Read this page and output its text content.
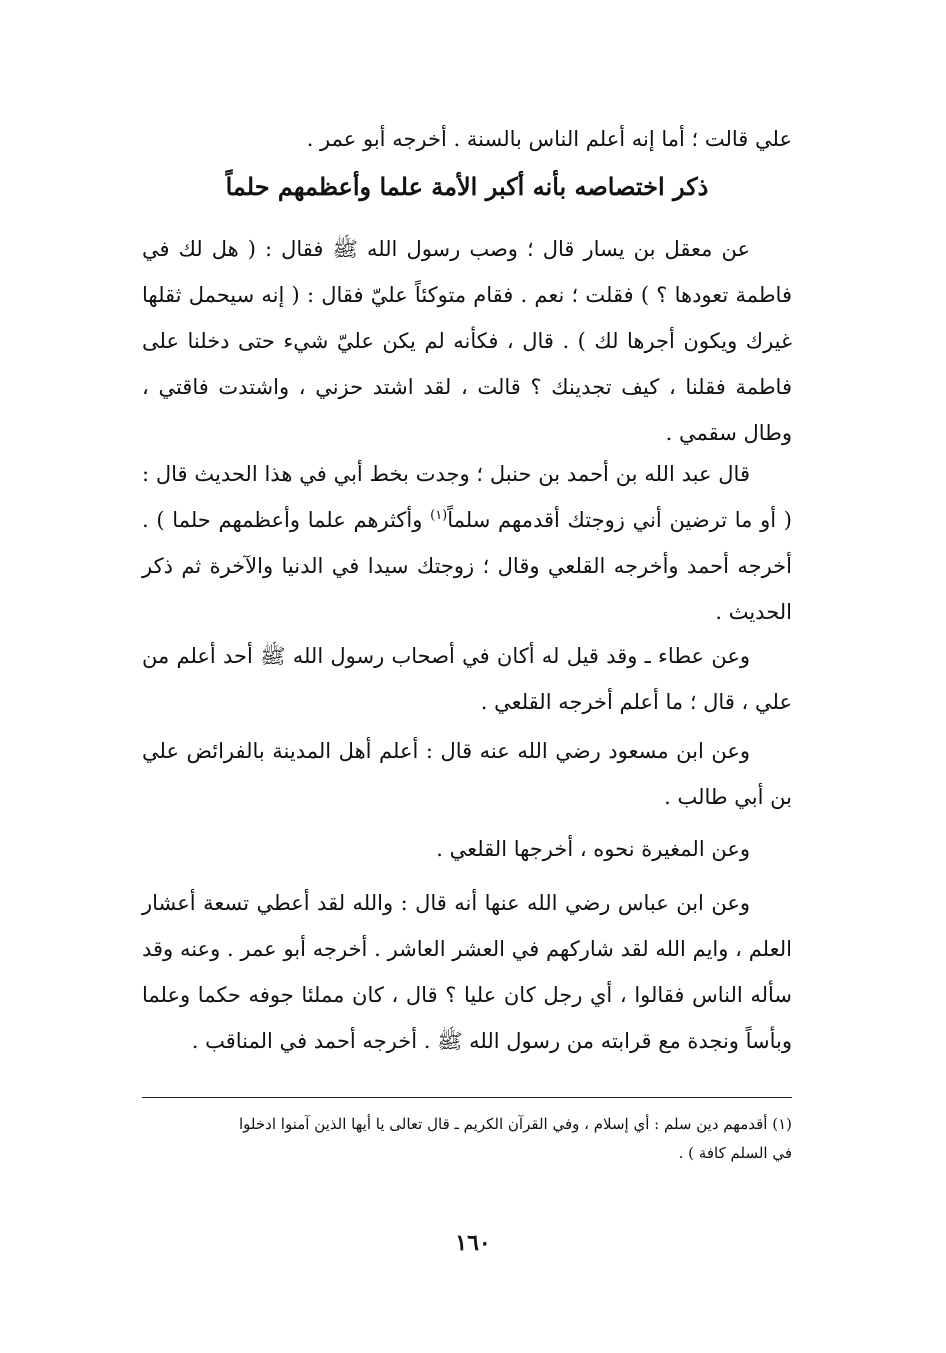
علي قالت ؛ أما إنه أعلم الناس بالسنة . أخرجه أبو عمر .
ذكر اختصاصه بأنه أكبر الأمة علما وأعظمهم حلماً

عن معقل بن يسار قال ؛ وصب رسول الله ﷺ فقال : ( هل لك في فاطمة تعودها ؟ ) فقلت ؛ نعم . فقام متوكئاً عليّ فقال : ( إنه سيحمل ثقلها غيرك ويكون أجرها لك ) . قال ، فكأنه لم يكن عليّ شيء حتى دخلنا على فاطمة فقلنا ، كيف تجدينك ؟ قالت ، لقد اشتد حزني ، واشتدت فاقتي ، وطال سقمي .

قال عبد الله بن أحمد بن حنبل ؛ وجدت بخط أبي في هذا الحديث قال : ( أو ما ترضين أني زوجتك أقدمهم سلماً$^{(١)}$ وأكثرهم علما وأعظمهم حلما ) . أخرجه أحمد وأخرجه القلعي وقال ؛ زوجتك سيدا في الدنيا والآخرة ثم ذكر الحديث .

وعن عطاء ـ وقد قيل له أكان في أصحاب رسول الله ﷺ أحد أعلم من علي ، قال ؛ ما أعلم أخرجه القلعي .

وعن ابن مسعود رضي الله عنه قال : أعلم أهل المدينة بالفرائض علي بن أبي طالب .

وعن المغيرة نحوه ، أخرجها القلعي .

وعن ابن عباس رضي الله عنها أنه قال : والله لقد أعطي تسعة أعشار العلم ، وايم الله لقد شاركهم في العشر العاشر . أخرجه أبو عمر . وعنه وقد سأله الناس فقالوا ، أي رجل كان عليا ؟ قال ، كان مملئا جوفه حكما وعلما وبأساً ونجدة مع قرابته من رسول الله ﷺ . أخرجه أحمد في المناقب .

(١) أقدمهم دين سلم : أي إسلام ، وفي القرآن الكريم ـ قال تعالى يا أيها الذين آمنوا ادخلوا

في السلم كافة ) .

١٦٠
